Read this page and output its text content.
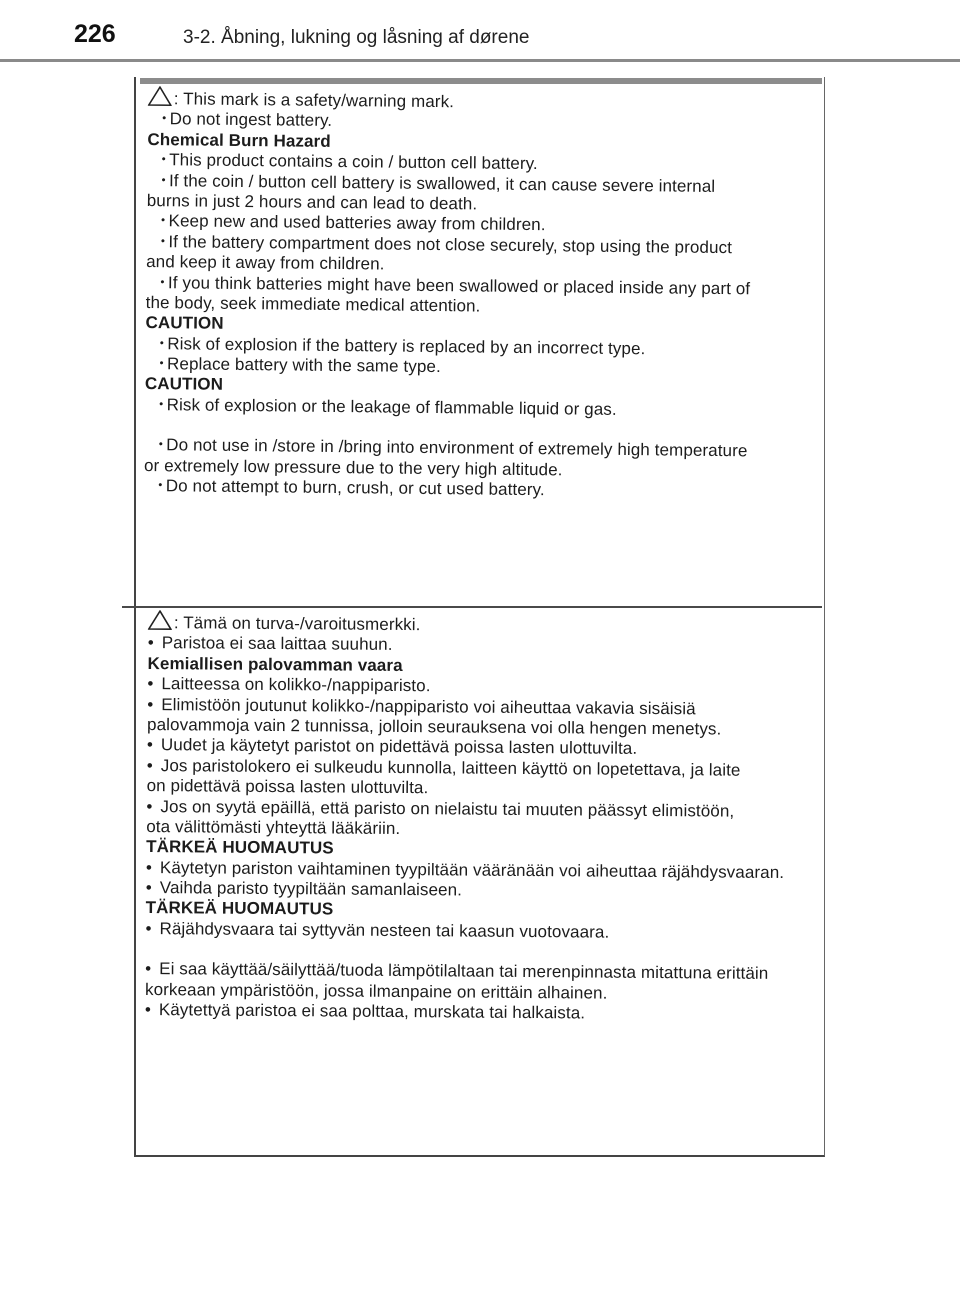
226	3-2. Åbning, lukning og låsning af dørene

: This mark is a safety/warning mark.

・Do not ingest battery.

Chemical Burn Hazard

・This product contains a coin / button cell battery.

・If the coin / button cell battery is swallowed, it can cause severe internal

burns in just 2 hours and can lead to death.

・Keep new and used batteries away from children.

・If the battery compartment does not close securely, stop using the product

and keep it away from children.

・If you think batteries might have been swallowed or placed inside any part of

the body, seek immediate medical attention.

CAUTION

・Risk of explosion if the battery is replaced by an incorrect type.

・Replace battery with the same type.

CAUTION

・Risk of explosion or the leakage of flammable liquid or gas.

・Do not use in /store in /bring into environment of extremely high temperature

or extremely low pressure due to the very high altitude.

・Do not attempt to burn, crush, or cut used battery.

: Tämä on turva-/varoitusmerkki.

• Paristoa ei saa laittaa suuhun.

Kemiallisen palovamman vaara

• Laitteessa on kolikko-/nappiparisto.

• Elimistöön joutunut kolikko-/nappiparisto voi aiheuttaa vakavia sisäisiä

palovammoja vain 2 tunnissa, jolloin seurauksena voi olla hengen menetys.

• Uudet ja käytetyt paristot on pidettävä poissa lasten ulottuvilta.

• Jos paristolokero ei sulkeudu kunnolla, laitteen käyttö on lopetettava, ja laite

on pidettävä poissa lasten ulottuvilta.

• Jos on syytä epäillä, että paristo on nielaistu tai muuten päässyt elimistöön,

ota välittömästi yhteyttä lääkäriin.

TÄRKEÄ HUOMAUTUS

• Käytetyn pariston vaihtaminen tyypiltään vääränään voi aiheuttaa räjähdysvaaran.

• Vaihda paristo tyypiltään samanlaiseen.

TÄRKEÄ HUOMAUTUS

• Räjähdysvaara tai syttyvän nesteen tai kaasun vuotovaara.

• Ei saa käyttää/säilyttää/tuoda lämpötilaltaan tai merenpinnasta mitattuna erittäin

korkeaan ympäristöön, jossa ilmanpaine on erittäin alhainen.

• Käytettyä paristoa ei saa polttaa, murskata tai halkaista.
